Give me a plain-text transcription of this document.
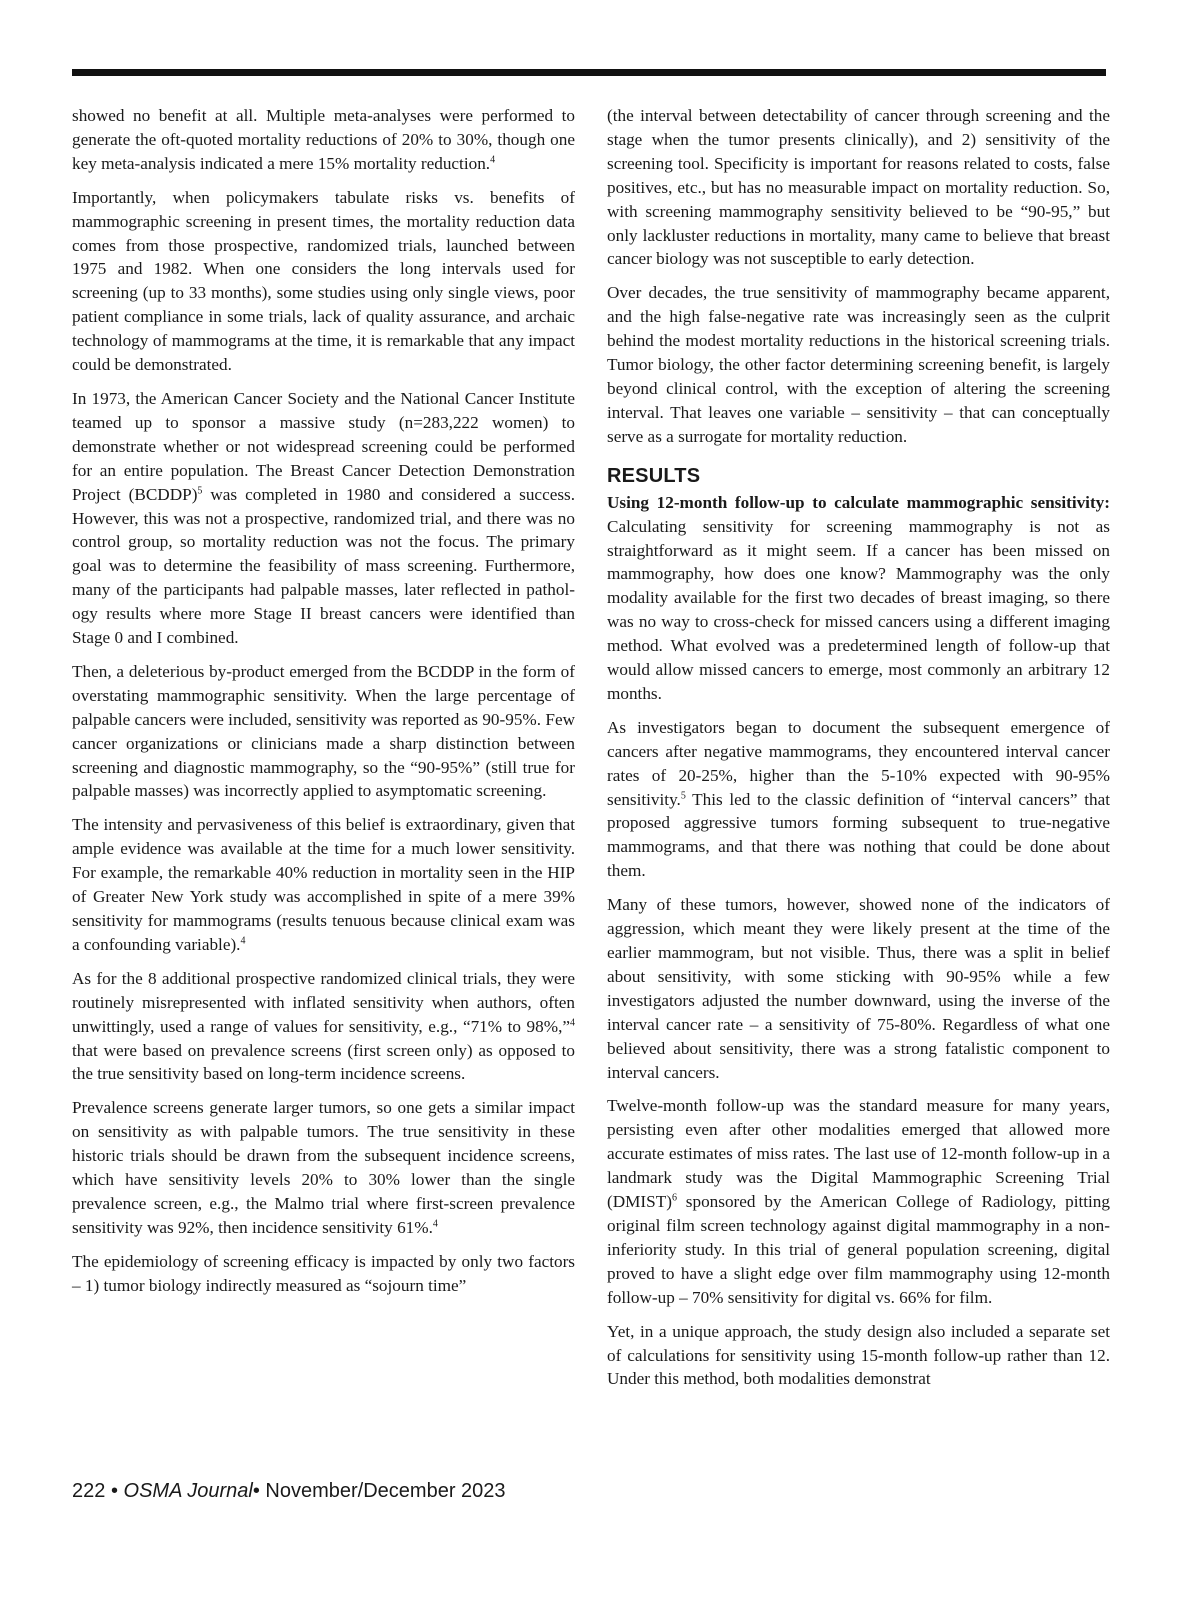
showed no benefit at all. Multiple meta-analyses were performed to generate the oft-quoted mortality reductions of 20% to 30%, though one key meta-analysis indicated a mere 15% mortality reduction.$^4$

Importantly, when policymakers tabulate risks vs. benefits of mammographic screening in present times, the mortality reduction data comes from those prospective, randomized trials, launched between 1975 and 1982. When one considers the long intervals used for screening (up to 33 months), some studies using only single views, poor patient compliance in some trials, lack of quality assurance, and archaic technology of mammograms at the time, it is remarkable that any impact could be demonstrated.

In 1973, the American Cancer Society and the National Cancer Institute teamed up to sponsor a massive study (n=283,222 women) to demonstrate whether or not widespread screening could be performed for an entire population. The Breast Cancer Detection Demonstration Project (BCDDP)$^5$ was completed in 1980 and considered a success. However, this was not a prospective, randomized trial, and there was no control group, so mortality reduction was not the focus. The primary goal was to determine the feasibility of mass screening. Furthermore, many of the participants had palpable masses, later reflected in pathology results where more Stage II breast cancers were identified than Stage 0 and I combined.

Then, a deleterious by-product emerged from the BCDDP in the form of overstating mammographic sensitivity. When the large percentage of palpable cancers were included, sensitivity was reported as 90-95%. Few cancer organizations or clinicians made a sharp distinction between screening and diagnostic mammography, so the “90-95%” (still true for palpable masses) was incorrectly applied to asymptomatic screening.

The intensity and pervasiveness of this belief is extraordinary, given that ample evidence was available at the time for a much lower sensitivity. For example, the remarkable 40% reduction in mortality seen in the HIP of Greater New York study was accomplished in spite of a mere 39% sensitivity for mammograms (results tenuous because clinical exam was a confounding variable).$^4$

As for the 8 additional prospective randomized clinical trials, they were routinely misrepresented with inflated sensitivity when authors, often unwittingly, used a range of values for sensitivity, e.g., “71% to 98%,”$^4$ that were based on prevalence screens (first screen only) as opposed to the true sensitivity based on long-term incidence screens.

Prevalence screens generate larger tumors, so one gets a similar impact on sensitivity as with palpable tumors. The true sensitivity in these historic trials should be drawn from the subsequent incidence screens, which have sensitivity levels 20% to 30% lower than the single prevalence screen, e.g., the Malmo trial where first-screen prevalence sensitivity was 92%, then incidence sensitivity 61%.$^4$

The epidemiology of screening efficacy is impacted by only two factors – 1) tumor biology indirectly measured as “sojourn time”

(the interval between detectability of cancer through screening and the stage when the tumor presents clinically), and 2) sensitivity of the screening tool. Specificity is important for reasons related to costs, false positives, etc., but has no measurable impact on mortality reduction. So, with screening mammography sensitivity believed to be “90-95,” but only lackluster reductions in mortality, many came to believe that breast cancer biology was not susceptible to early detection.

Over decades, the true sensitivity of mammography became apparent, and the high false-negative rate was increasingly seen as the culprit behind the modest mortality reductions in the historical screening trials. Tumor biology, the other factor determining screening benefit, is largely beyond clinical control, with the exception of altering the screening interval. That leaves one variable – sensitivity – that can conceptually serve as a surrogate for mortality reduction.

RESULTS

Using 12-month follow-up to calculate mammographic sensitivity: Calculating sensitivity for screening mammography is not as straightforward as it might seem. If a cancer has been missed on mammography, how does one know? Mammography was the only modality available for the first two decades of breast imaging, so there was no way to cross-check for missed cancers using a different imaging method. What evolved was a predetermined length of follow-up that would allow missed cancers to emerge, most commonly an arbitrary 12 months.

As investigators began to document the subsequent emergence of cancers after negative mammograms, they encountered interval cancer rates of 20-25%, higher than the 5-10% expected with 90-95% sensitivity.$^5$ This led to the classic definition of “interval cancers” that proposed aggressive tumors forming subsequent to true-negative mammograms, and that there was nothing that could be done about them.

Many of these tumors, however, showed none of the indicators of aggression, which meant they were likely present at the time of the earlier mammogram, but not visible. Thus, there was a split in belief about sensitivity, with some sticking with 90-95% while a few investigators adjusted the number downward, using the inverse of the interval cancer rate – a sensitivity of 75-80%. Regardless of what one believed about sensitivity, there was a strong fatalistic component to interval cancers.

Twelve-month follow-up was the standard measure for many years, persisting even after other modalities emerged that allowed more accurate estimates of miss rates. The last use of 12-month follow-up in a landmark study was the Digital Mammographic Screening Trial (DMIST)$^6$ sponsored by the American College of Radiology, pitting original film screen technology against digital mammography in a non-inferiority study. In this trial of general population screening, digital proved to have a slight edge over film mammography using 12-month follow-up – 70% sensitivity for digital vs. 66% for film.

Yet, in a unique approach, the study design also included a separate set of calculations for sensitivity using 15-month follow-up rather than 12. Under this method, both modalities demonstrat

222 • OSMA Journal• November/December 2023
